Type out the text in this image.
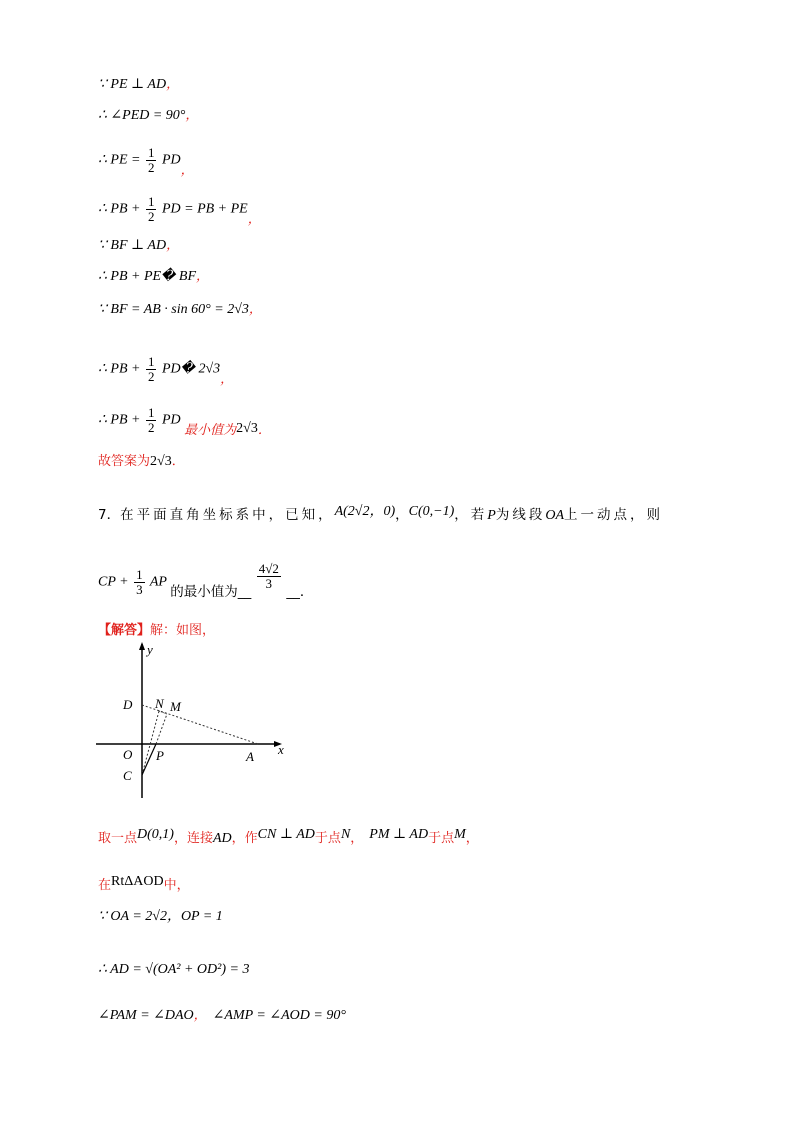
∵ PE ⊥ AD，
∴ ∠PED = 90°，
∴ PE = $\frac{1}{2}$ PD，
∴ PB + $\frac{1}{2}$ PD = PB + PE，
∵ BF ⊥ AD，
∴ PB + PE� BF，
∵ BF = AB · sin 60° = 2√3，
∴ PB + $\frac{1}{2}$ PD� 2√3，
∴ PB + $\frac{1}{2}$ PD 最小值为2√3．
故答案为2√3．
7．在平面直角坐标系中，已知，A(2√2，0)，C(0,−1)，若P为线段OA上一动点，则
CP + $\frac{1}{3}$ AP 的最小值为__
$\frac{4√2}{3}$
__．
【解答】解：如图，
y
x
D N M
O P	A
C
取一点D(0,1)，连接AD，作CN ⊥ AD于点N， PM ⊥ AD于点M，
在RtΔAOD中，
∵ OA = 2√2，OP = 1
∴ AD = √(OA² + OD²) = 3
∠PAM = ∠DAO， ∠AMP = ∠AOD = 90°
